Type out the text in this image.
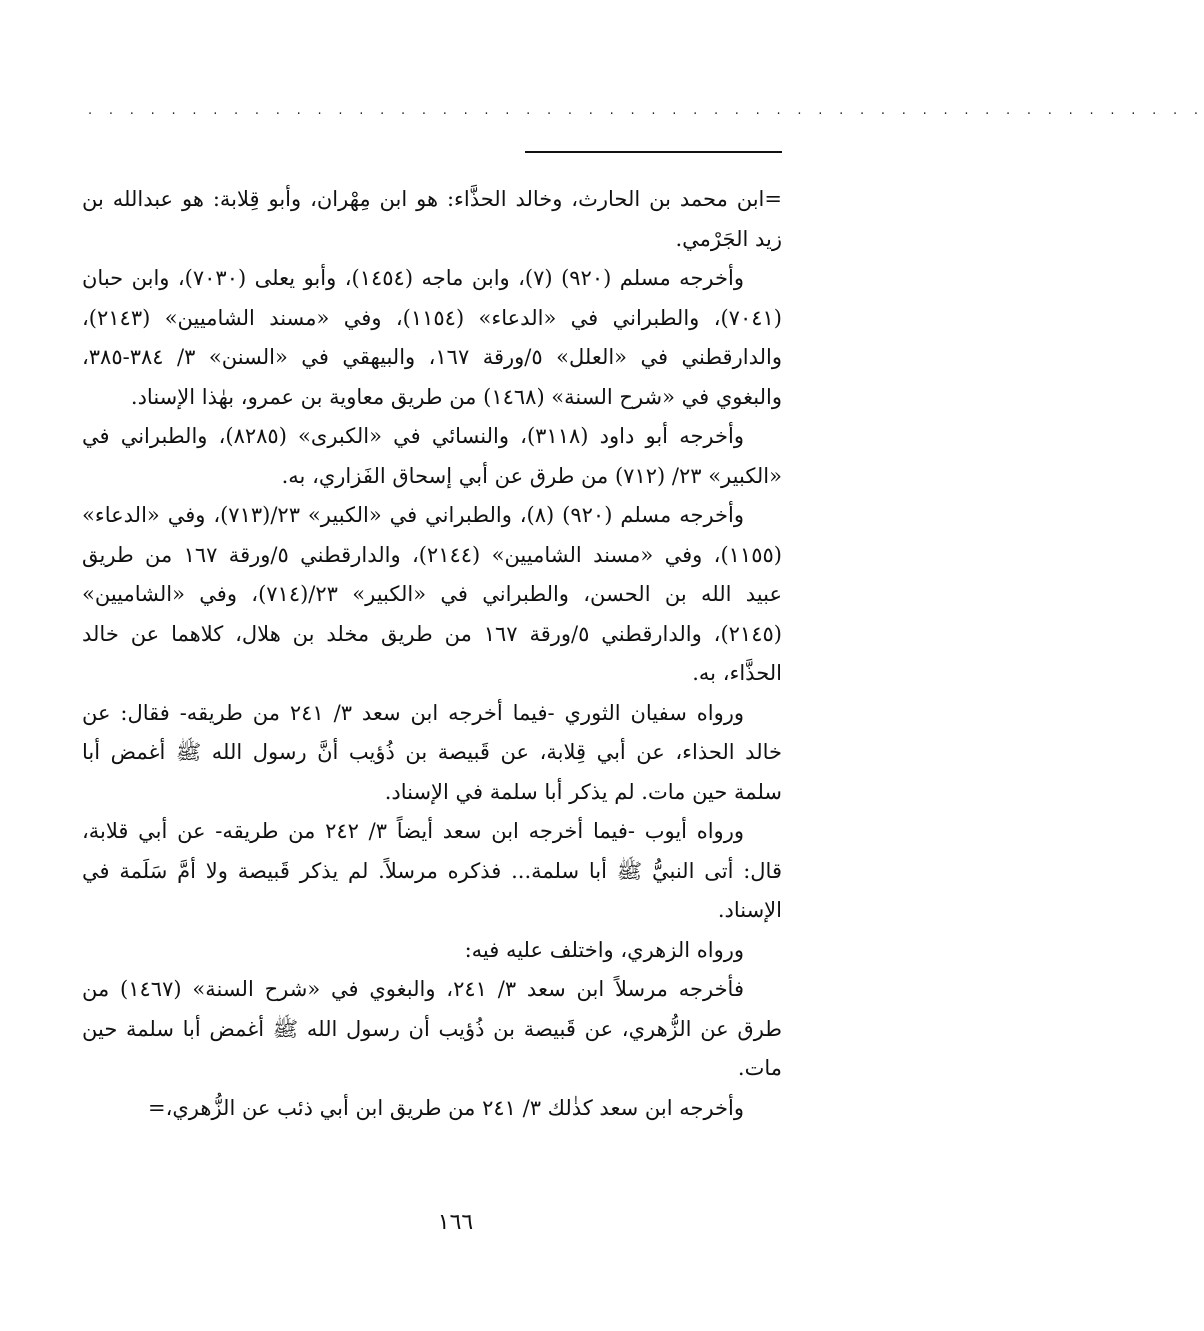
. . . . . . . . . . . . . . . . . . . . . . . . . . . . . . . . . . . . . . . . . . . . . . . . . . . . . .

=ابن محمد بن الحارث، وخالد الحذَّاء: هو ابن مِهْران، وأبو قِلابة: هو عبدالله بن زيد الجَرْمي.

وأخرجه مسلم (٩٢٠) (٧)، وابن ماجه (١٤٥٤)، وأبو يعلى (٧٠٣٠)، وابن حبان (٧٠٤١)، والطبراني في «الدعاء» (١١٥٤)، وفي «مسند الشاميين» (٢١٤٣)، والدارقطني في «العلل» ٥/ورقة ١٦٧، والبيهقي في «السنن» ٣/ ٣٨٤-٣٨٥، والبغوي في «شرح السنة» (١٤٦٨) من طريق معاوية بن عمرو، بهٰذا الإسناد.

وأخرجه أبو داود (٣١١٨)، والنسائي في «الكبرى» (٨٢٨٥)، والطبراني في «الكبير» ٢٣/ (٧١٢) من طرق عن أبي إسحاق الفَزاري، به.

وأخرجه مسلم (٩٢٠) (٨)، والطبراني في «الكبير» ٢٣/(٧١٣)، وفي «الدعاء» (١١٥٥)، وفي «مسند الشاميين» (٢١٤٤)، والدارقطني ٥/ورقة ١٦٧ من طريق عبيد الله بن الحسن، والطبراني في «الكبير» ٢٣/(٧١٤)، وفي «الشاميين» (٢١٤٥)، والدارقطني ٥/ورقة ١٦٧ من طريق مخلد بن هلال، كلاهما عن خالد الحذَّاء، به.

ورواه سفيان الثوري -فيما أخرجه ابن سعد ٣/ ٢٤١ من طريقه- فقال: عن خالد الحذاء، عن أبي قِلابة، عن قَبيصة بن ذُؤيب أنَّ رسول الله ﷺ أغمض أبا سلمة حين مات. لم يذكر أبا سلمة في الإسناد.

ورواه أيوب -فيما أخرجه ابن سعد أيضاً ٣/ ٢٤٢ من طريقه- عن أبي قلابة، قال: أتى النبيُّ ﷺ أبا سلمة... فذكره مرسلاً. لم يذكر قَبيصة ولا أمَّ سَلَمة في الإسناد.

ورواه الزهري، واختلف عليه فيه:

فأخرجه مرسلاً ابن سعد ٣/ ٢٤١، والبغوي في «شرح السنة» (١٤٦٧) من طرق عن الزُّهري، عن قَبيصة بن ذُؤيب أن رسول الله ﷺ أغمض أبا سلمة حين مات.

وأخرجه ابن سعد كذٰلك ٣/ ٢٤١ من طريق ابن أبي ذئب عن الزُّهري،=

١٦٦
